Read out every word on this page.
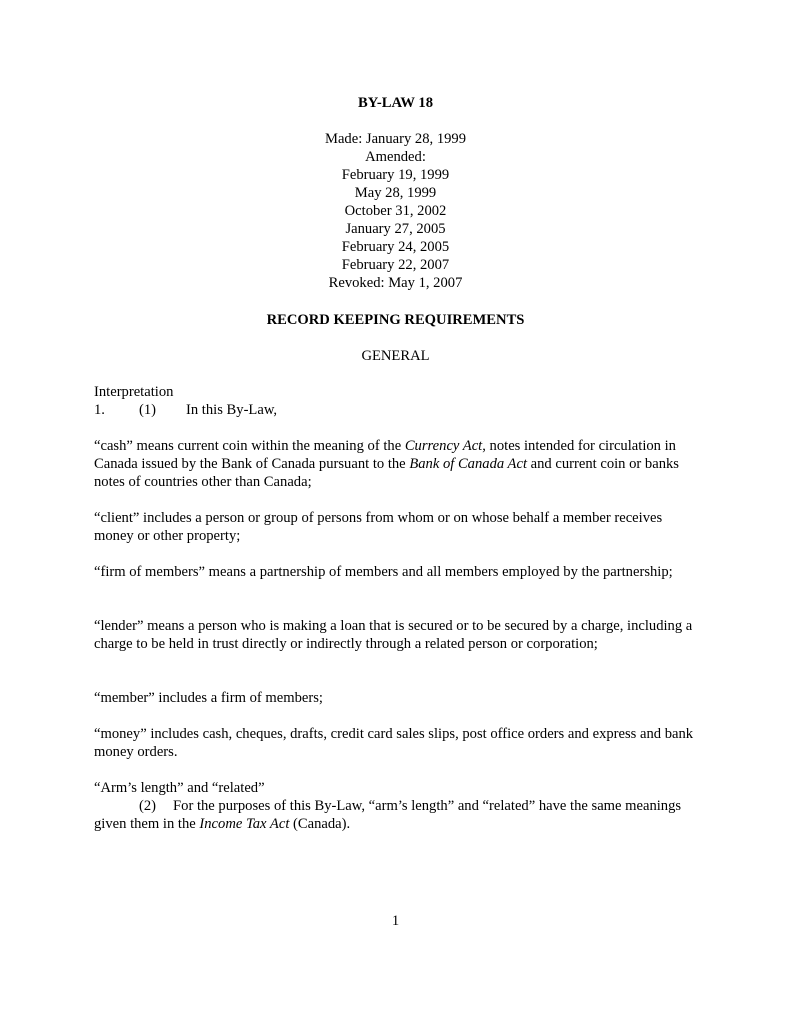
BY-LAW 18
Made: January 28, 1999
Amended:
February 19, 1999
May 28, 1999
October 31, 2002
January 27, 2005
February 24, 2005
February 22, 2007
Revoked: May 1, 2007
RECORD KEEPING REQUIREMENTS
GENERAL
Interpretation
1. (1) In this By-Law,

“cash” means current coin within the meaning of the Currency Act, notes intended for circulation in Canada issued by the Bank of Canada pursuant to the Bank of Canada Act and current coin or banks notes of countries other than Canada;

“client” includes a person or group of persons from whom or on whose behalf a member receives money or other property;

“firm of members” means a partnership of members and all members employed by the partnership;

“lender” means a person who is making a loan that is secured or to be secured by a charge, including a charge to be held in trust directly or indirectly through a related person or corporation;

“member” includes a firm of members;

“money” includes cash, cheques, drafts, credit card sales slips, post office orders and express and bank money orders.

“Arm’s length” and “related”

(2) For the purposes of this By-Law, “arm’s length” and “related” have the same meanings given them in the Income Tax Act (Canada).

1
